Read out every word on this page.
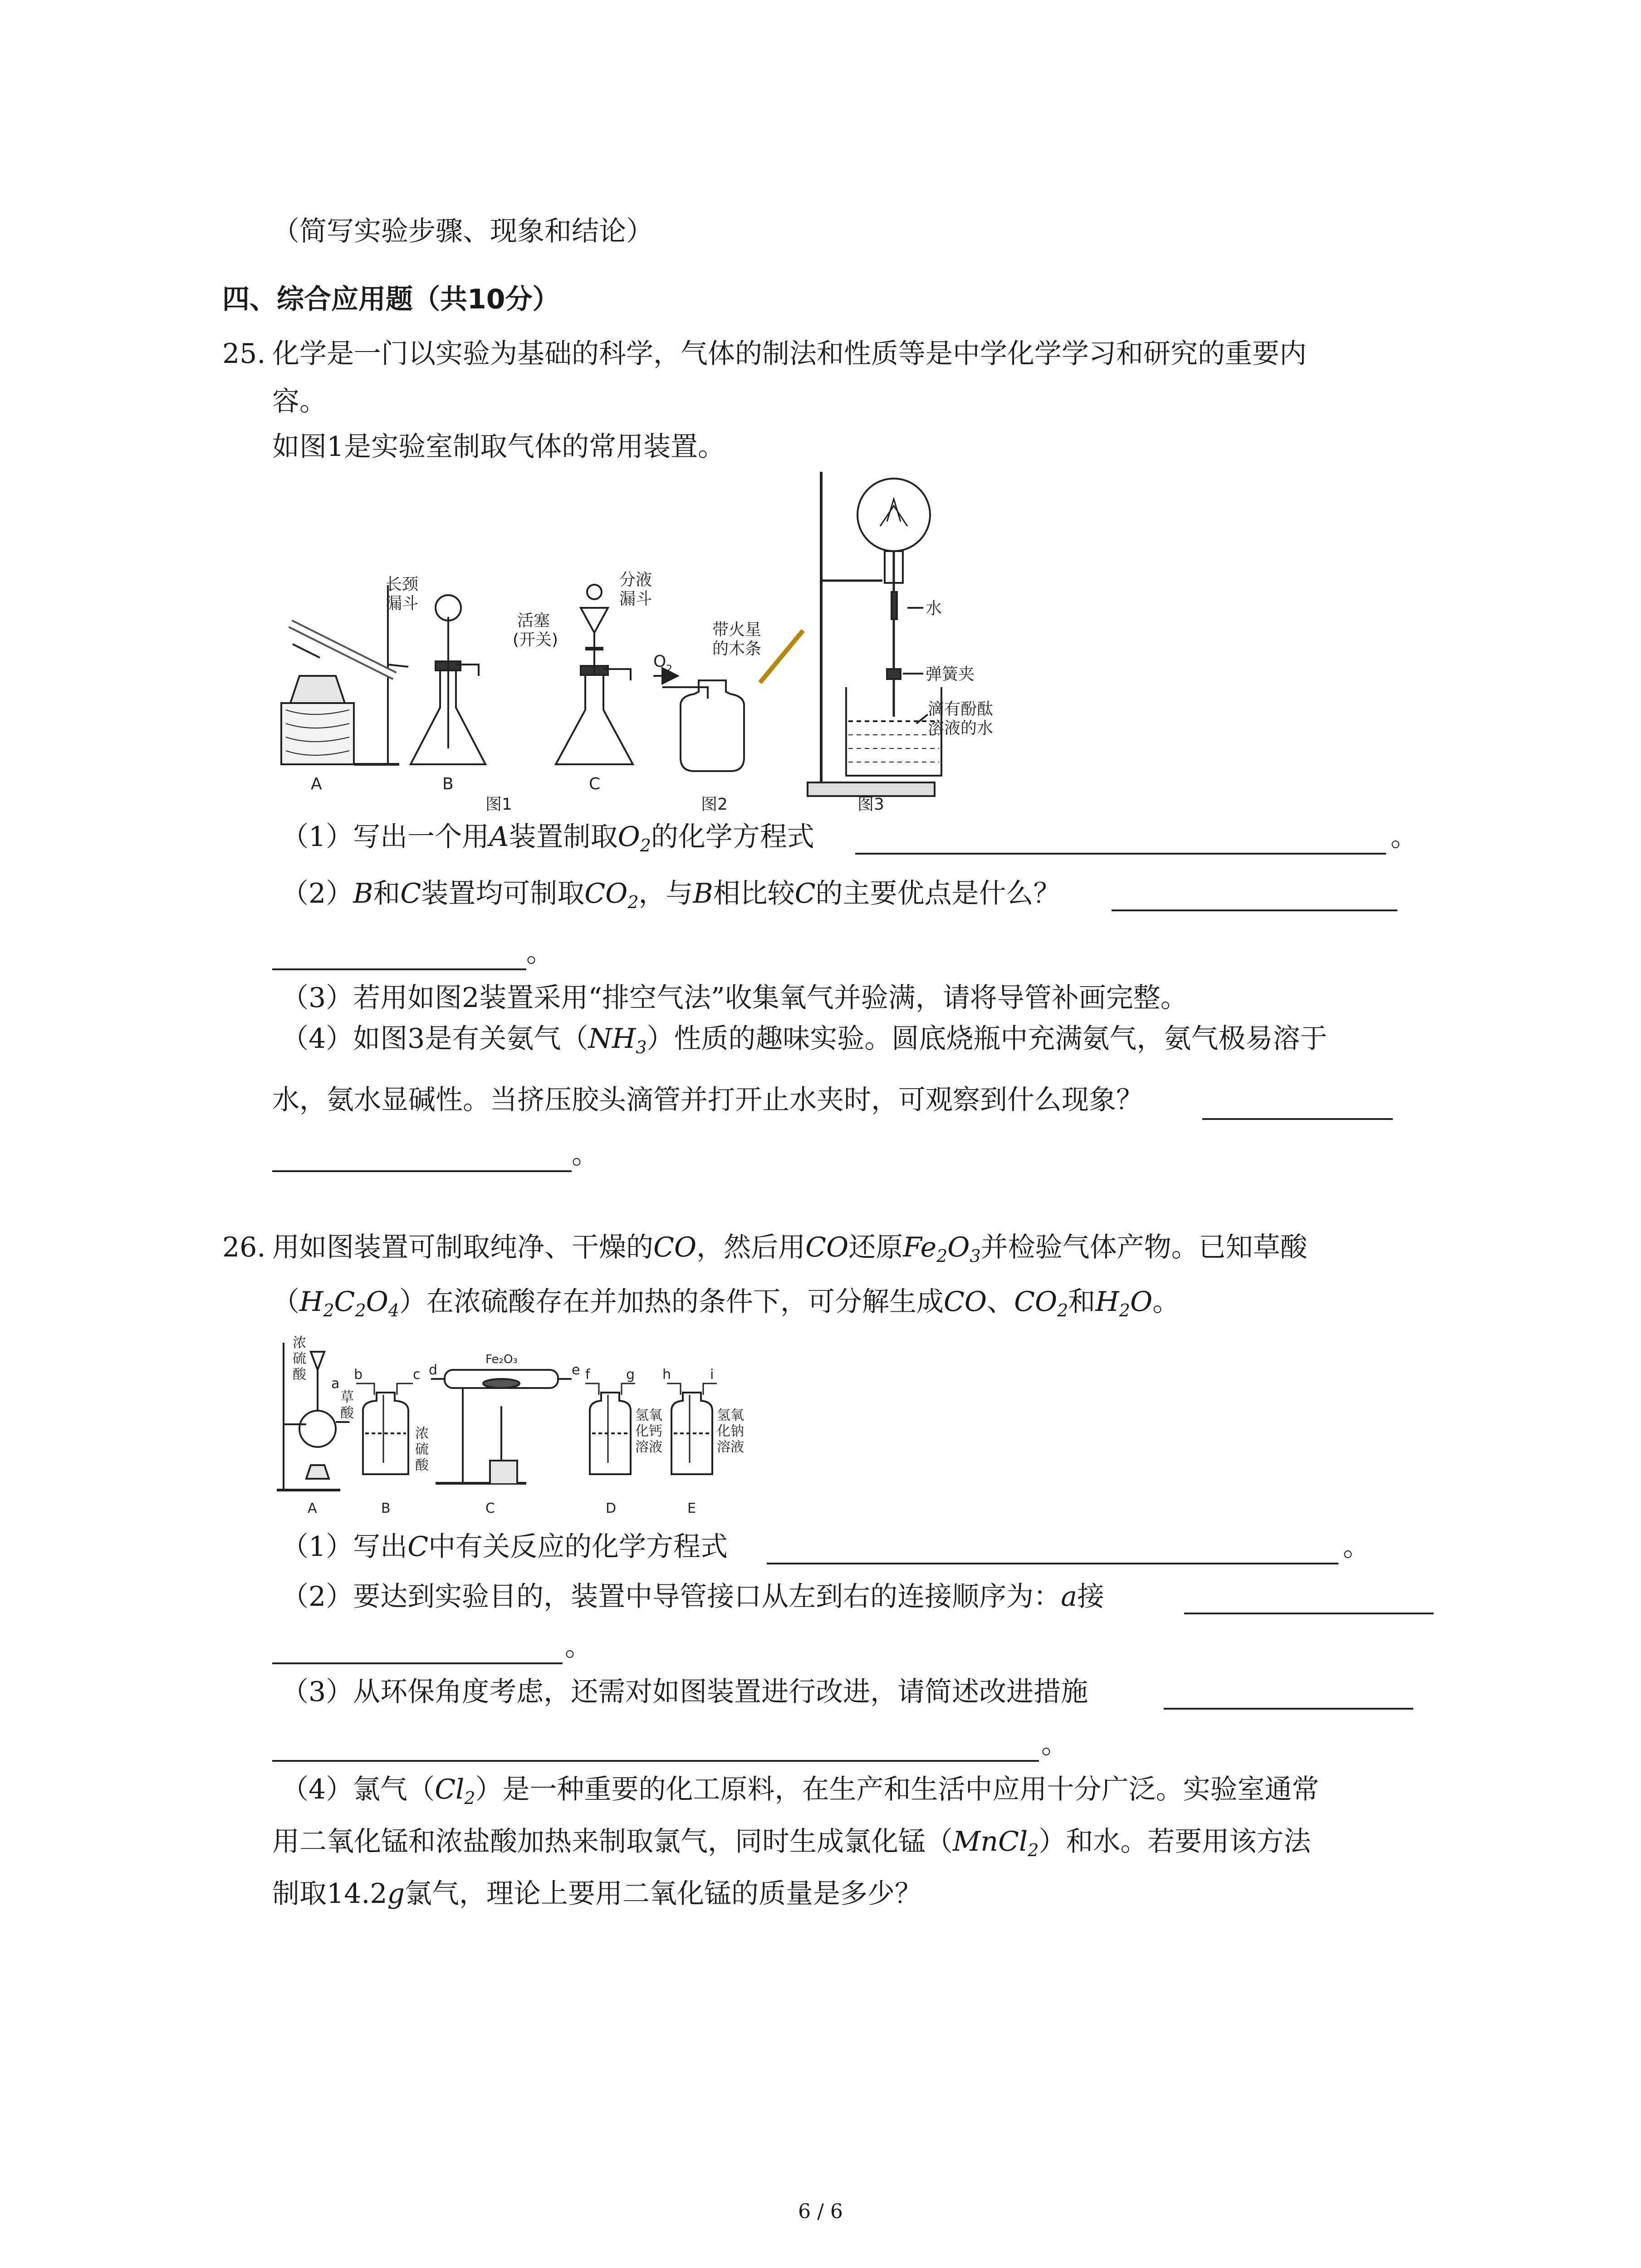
（简写实验步骤、现象和结论）
四、综合应用题（共10分）
25. 化学是一门以实验为基础的科学，气体的制法和性质等是中学化学学习和研究的重要内
容。
如图1是实验室制取气体的常用装置。
A	B	C
长颈
漏斗
活塞
(开关)
分液
漏斗
O 2
带火星
的木条
水
弹簧夹
滴有酚酞
溶液的水
图1	图2	图3
（1）写出一个用A装置制取$O_2$的化学方程式	。
（2）B和C装置均可制取$CO_2$，与B相比较C的主要优点是什么？
。
（3）若用如图2装置采用“排空气法”收集氧气并验满，请将导管补画完整。
（4）如图3是有关氨气$(NH_3)$性质的趣味实验。圆底烧瓶中充满氨气，氨气极易溶于
水，氨水显碱性。当挤压胶头滴管并打开止水夹时，可观察到什么现象？
。
26. 用如图装置可制取纯净、干燥的CO，然后用CO还原$Fe_2O_3$并检验气体产物。已知草酸
$(H_2C_2O_4)$在浓硫酸存在并加热的条件下，可分解生成CO、$CO_2$和$H_2O$。
浓
硫
酸
草
酸
a
b	c d	e f	g h	i
浓
硫
酸
Fe₂O₃
氢氧
化钙
溶液
氢氧
化钠
溶液
A	B	C	D	E
（1）写出C中有关反应的化学方程式	。
（2）要达到实验目的，装置中导管接口从左到右的连接顺序为：a接
。
（3）从环保角度考虑，还需对如图装置进行改进，请简述改进措施
。
（4）氯气$(Cl_2)$是一种重要的化工原料，在生产和生活中应用十分广泛。实验室通常
用二氧化锰和浓盐酸加热来制取氯气，同时生成氯化锰（MnCl$_2$）和水。若要用该方法
制取14.2g氯气，理论上要用二氧化锰的质量是多少？
6 / 6
